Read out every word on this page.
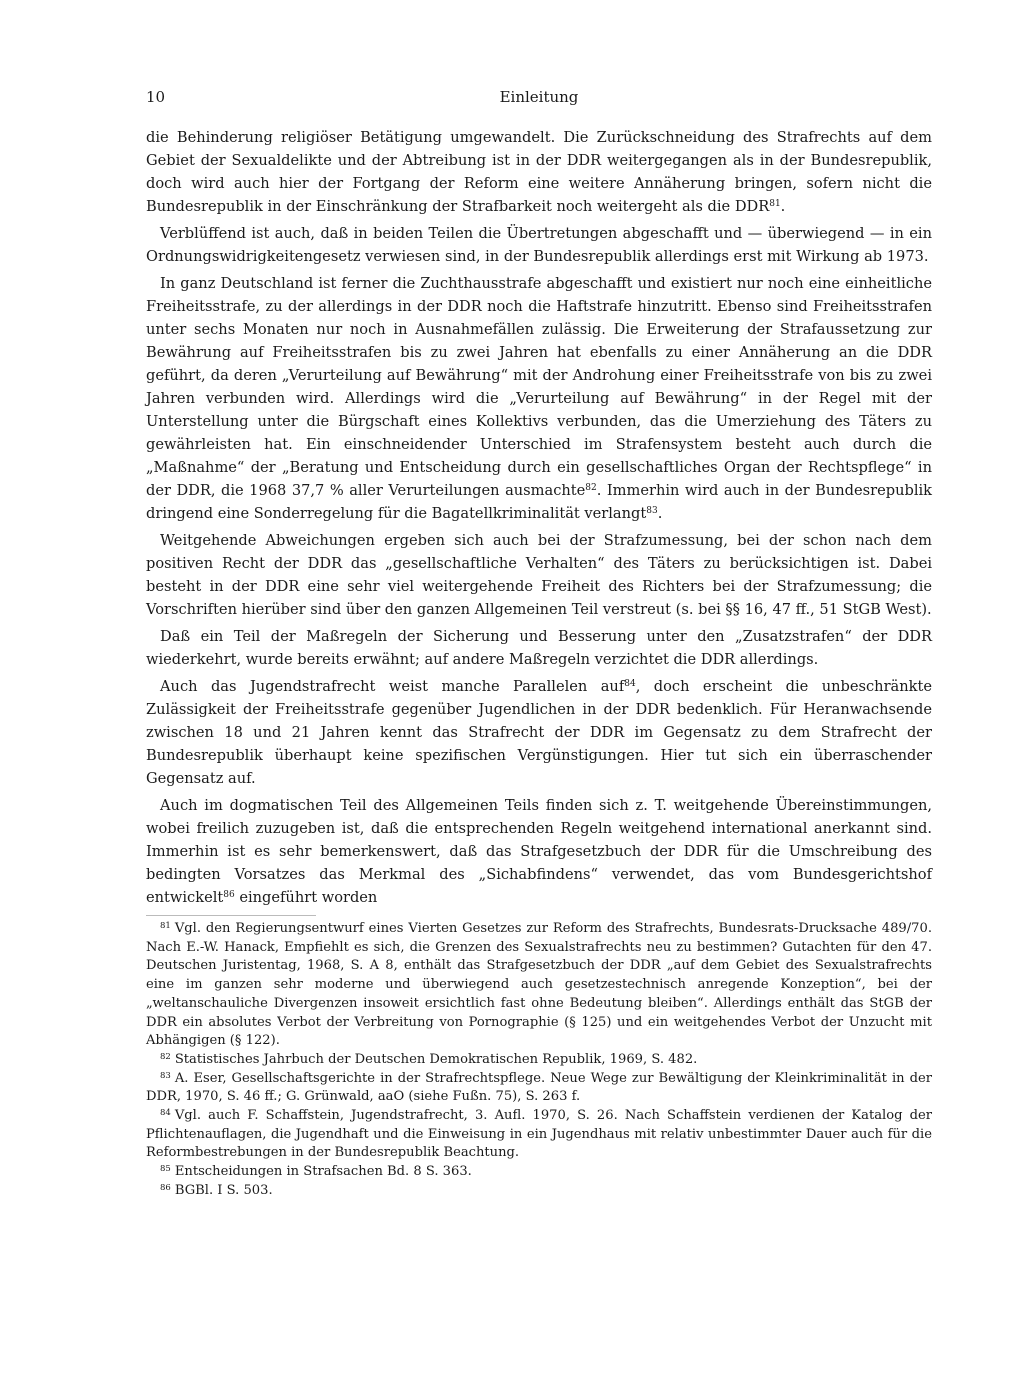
10	Einleitung

die Behinderung religiöser Betätigung umgewandelt. Die Zurückschneidung des Strafrechts auf dem Gebiet der Sexualdelikte und der Abtreibung ist in der DDR weitergegangen als in der Bundesrepublik, doch wird auch hier der Fortgang der Reform eine weitere Annäherung bringen, sofern nicht die Bundesrepublik in der Einschränkung der Strafbarkeit noch weitergeht als die DDR$^{81}$.

Verblüffend ist auch, daß in beiden Teilen die Übertretungen abgeschafft und — überwiegend — in ein Ordnungswidrigkeitengesetz verwiesen sind, in der Bundesrepublik allerdings erst mit Wirkung ab 1973.

In ganz Deutschland ist ferner die Zuchthausstrafe abgeschafft und existiert nur noch eine einheitliche Freiheitsstrafe, zu der allerdings in der DDR noch die Haftstrafe hinzutritt. Ebenso sind Freiheitsstrafen unter sechs Monaten nur noch in Ausnahmefällen zulässig. Die Erweiterung der Strafaussetzung zur Bewährung auf Freiheitsstrafen bis zu zwei Jahren hat ebenfalls zu einer Annäherung an die DDR geführt, da deren „Verurteilung auf Bewährung“ mit der Androhung einer Freiheitsstrafe von bis zu zwei Jahren verbunden wird. Allerdings wird die „Verurteilung auf Bewährung“ in der Regel mit der Unterstellung unter die Bürgschaft eines Kollektivs verbunden, das die Umerziehung des Täters zu gewährleisten hat. Ein einschneidender Unterschied im Strafensystem besteht auch durch die „Maßnahme“ der „Beratung und Entscheidung durch ein gesellschaftliches Organ der Rechtspflege“ in der DDR, die 1968 37,7 % aller Verurteilungen ausmachte$^{82}$. Immerhin wird auch in der Bundesrepublik dringend eine Sonderregelung für die Bagatellkriminalität verlangt$^{83}$.

Weitgehende Abweichungen ergeben sich auch bei der Strafzumessung, bei der schon nach dem positiven Recht der DDR das „gesellschaftliche Verhalten“ des Täters zu berücksichtigen ist. Dabei besteht in der DDR eine sehr viel weitergehende Freiheit des Richters bei der Strafzumessung; die Vorschriften hierüber sind über den ganzen Allgemeinen Teil verstreut (s. bei §§ 16, 47 ff., 51 StGB West).

Daß ein Teil der Maßregeln der Sicherung und Besserung unter den „Zusatzstrafen“ der DDR wiederkehrt, wurde bereits erwähnt; auf andere Maßregeln verzichtet die DDR allerdings.

Auch das Jugendstrafrecht weist manche Parallelen auf$^{84}$, doch erscheint die unbeschränkte Zulässigkeit der Freiheitsstrafe gegenüber Jugendlichen in der DDR bedenklich. Für Heranwachsende zwischen 18 und 21 Jahren kennt das Strafrecht der DDR im Gegensatz zu dem Strafrecht der Bundesrepublik überhaupt keine spezifischen Vergünstigungen. Hier tut sich ein überraschender Gegensatz auf.

Auch im dogmatischen Teil des Allgemeinen Teils finden sich z. T. weitgehende Übereinstimmungen, wobei freilich zuzugeben ist, daß die entsprechenden Regeln weitgehend international anerkannt sind. Immerhin ist es sehr bemerkenswert, daß das Strafgesetzbuch der DDR für die Umschreibung des bedingten Vorsatzes das Merkmal des „Sichabfindens“ verwendet, das vom Bundesgerichtshof entwickelt$^{86}$ eingeführt worden

$^{81}$ Vgl. den Regierungsentwurf eines Vierten Gesetzes zur Reform des Strafrechts, Bundesrats-Drucksache 489/70. Nach E.-W. Hanack, Empfiehlt es sich, die Grenzen des Sexualstrafrechts neu zu bestimmen? Gutachten für den 47. Deutschen Juristentag, 1968, S. A 8, enthält das Strafgesetzbuch der DDR „auf dem Gebiet des Sexualstrafrechts eine im ganzen sehr moderne und überwiegend auch gesetzestechnisch anregende Konzeption“, bei der „weltanschauliche Divergenzen insoweit ersichtlich fast ohne Bedeutung bleiben“. Allerdings enthält das StGB der DDR ein absolutes Verbot der Verbreitung von Pornographie (§ 125) und ein weitgehendes Verbot der Unzucht mit Abhängigen (§ 122).

$^{82}$ Statistisches Jahrbuch der Deutschen Demokratischen Republik, 1969, S. 482.

$^{83}$ A. Eser, Gesellschaftsgerichte in der Strafrechtspflege. Neue Wege zur Bewältigung der Kleinkriminalität in der DDR, 1970, S. 46 ff.; G. Grünwald, aaO (siehe Fußn. 75), S. 263 f.

$^{84}$ Vgl. auch F. Schaffstein, Jugendstrafrecht, 3. Aufl. 1970, S. 26. Nach Schaffstein verdienen der Katalog der Pflichtenauflagen, die Jugendhaft und die Einweisung in ein Jugendhaus mit relativ unbestimmter Dauer auch für die Reformbestrebungen in der Bundesrepublik Beachtung.

$^{85}$ Entscheidungen in Strafsachen Bd. 8 S. 363.

$^{86}$ BGBl. I S. 503.
